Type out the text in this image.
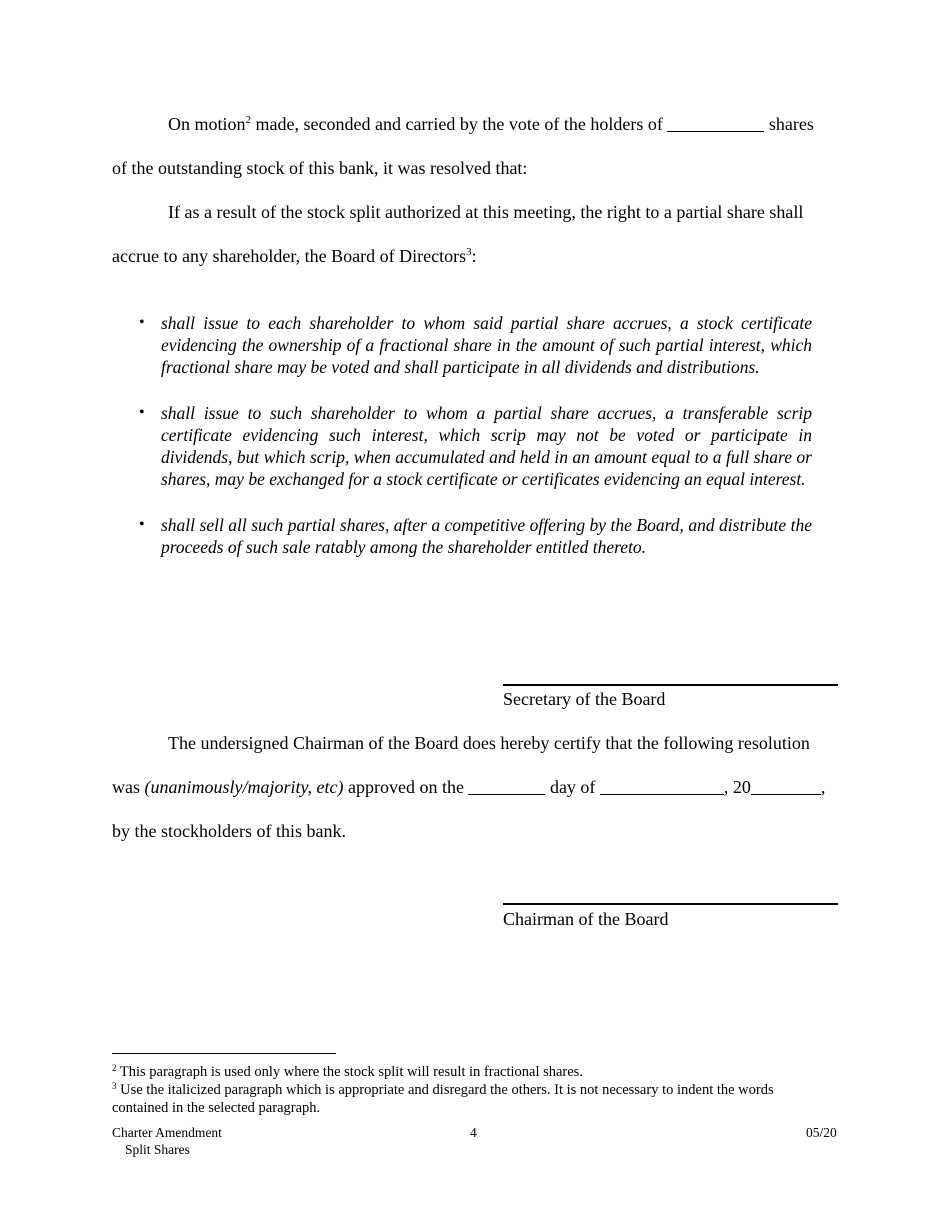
On motion$^2$ made, seconded and carried by the vote of the holders of	shares
of the outstanding stock of this bank, it was resolved that:
If as a result of the stock split authorized at this meeting, the right to a partial share shall
accrue to any shareholder, the Board of Directors$^3$:
• shall issue to each shareholder to whom said partial share accrues, a stock certificate evidencing the ownership of a fractional share in the amount of such partial interest, which fractional share may be voted and shall participate in all dividends and distributions.
• shall issue to such shareholder to whom a partial share accrues, a transferable scrip certificate evidencing such interest, which scrip may not be voted or participate in dividends, but which scrip, when accumulated and held in an amount equal to a full share or shares, may be exchanged for a stock certificate or certificates evidencing an equal interest.
• shall sell all such partial shares, after a competitive offering by the Board, and distribute the proceeds of such sale ratably among the shareholder entitled thereto.
Secretary of the Board
The undersigned Chairman of the Board does hereby certify that the following resolution
was (unanimously/majority, etc) approved on the	day of	, 20	,
by the stockholders of this bank.
Chairman of the Board
$^2$ This paragraph is used only where the stock split will result in fractional shares.
$^3$ Use the italicized paragraph which is appropriate and disregard the others. It is not necessary to indent the words
contained in the selected paragraph.
Charter Amendment
Split Shares
4	05/20
